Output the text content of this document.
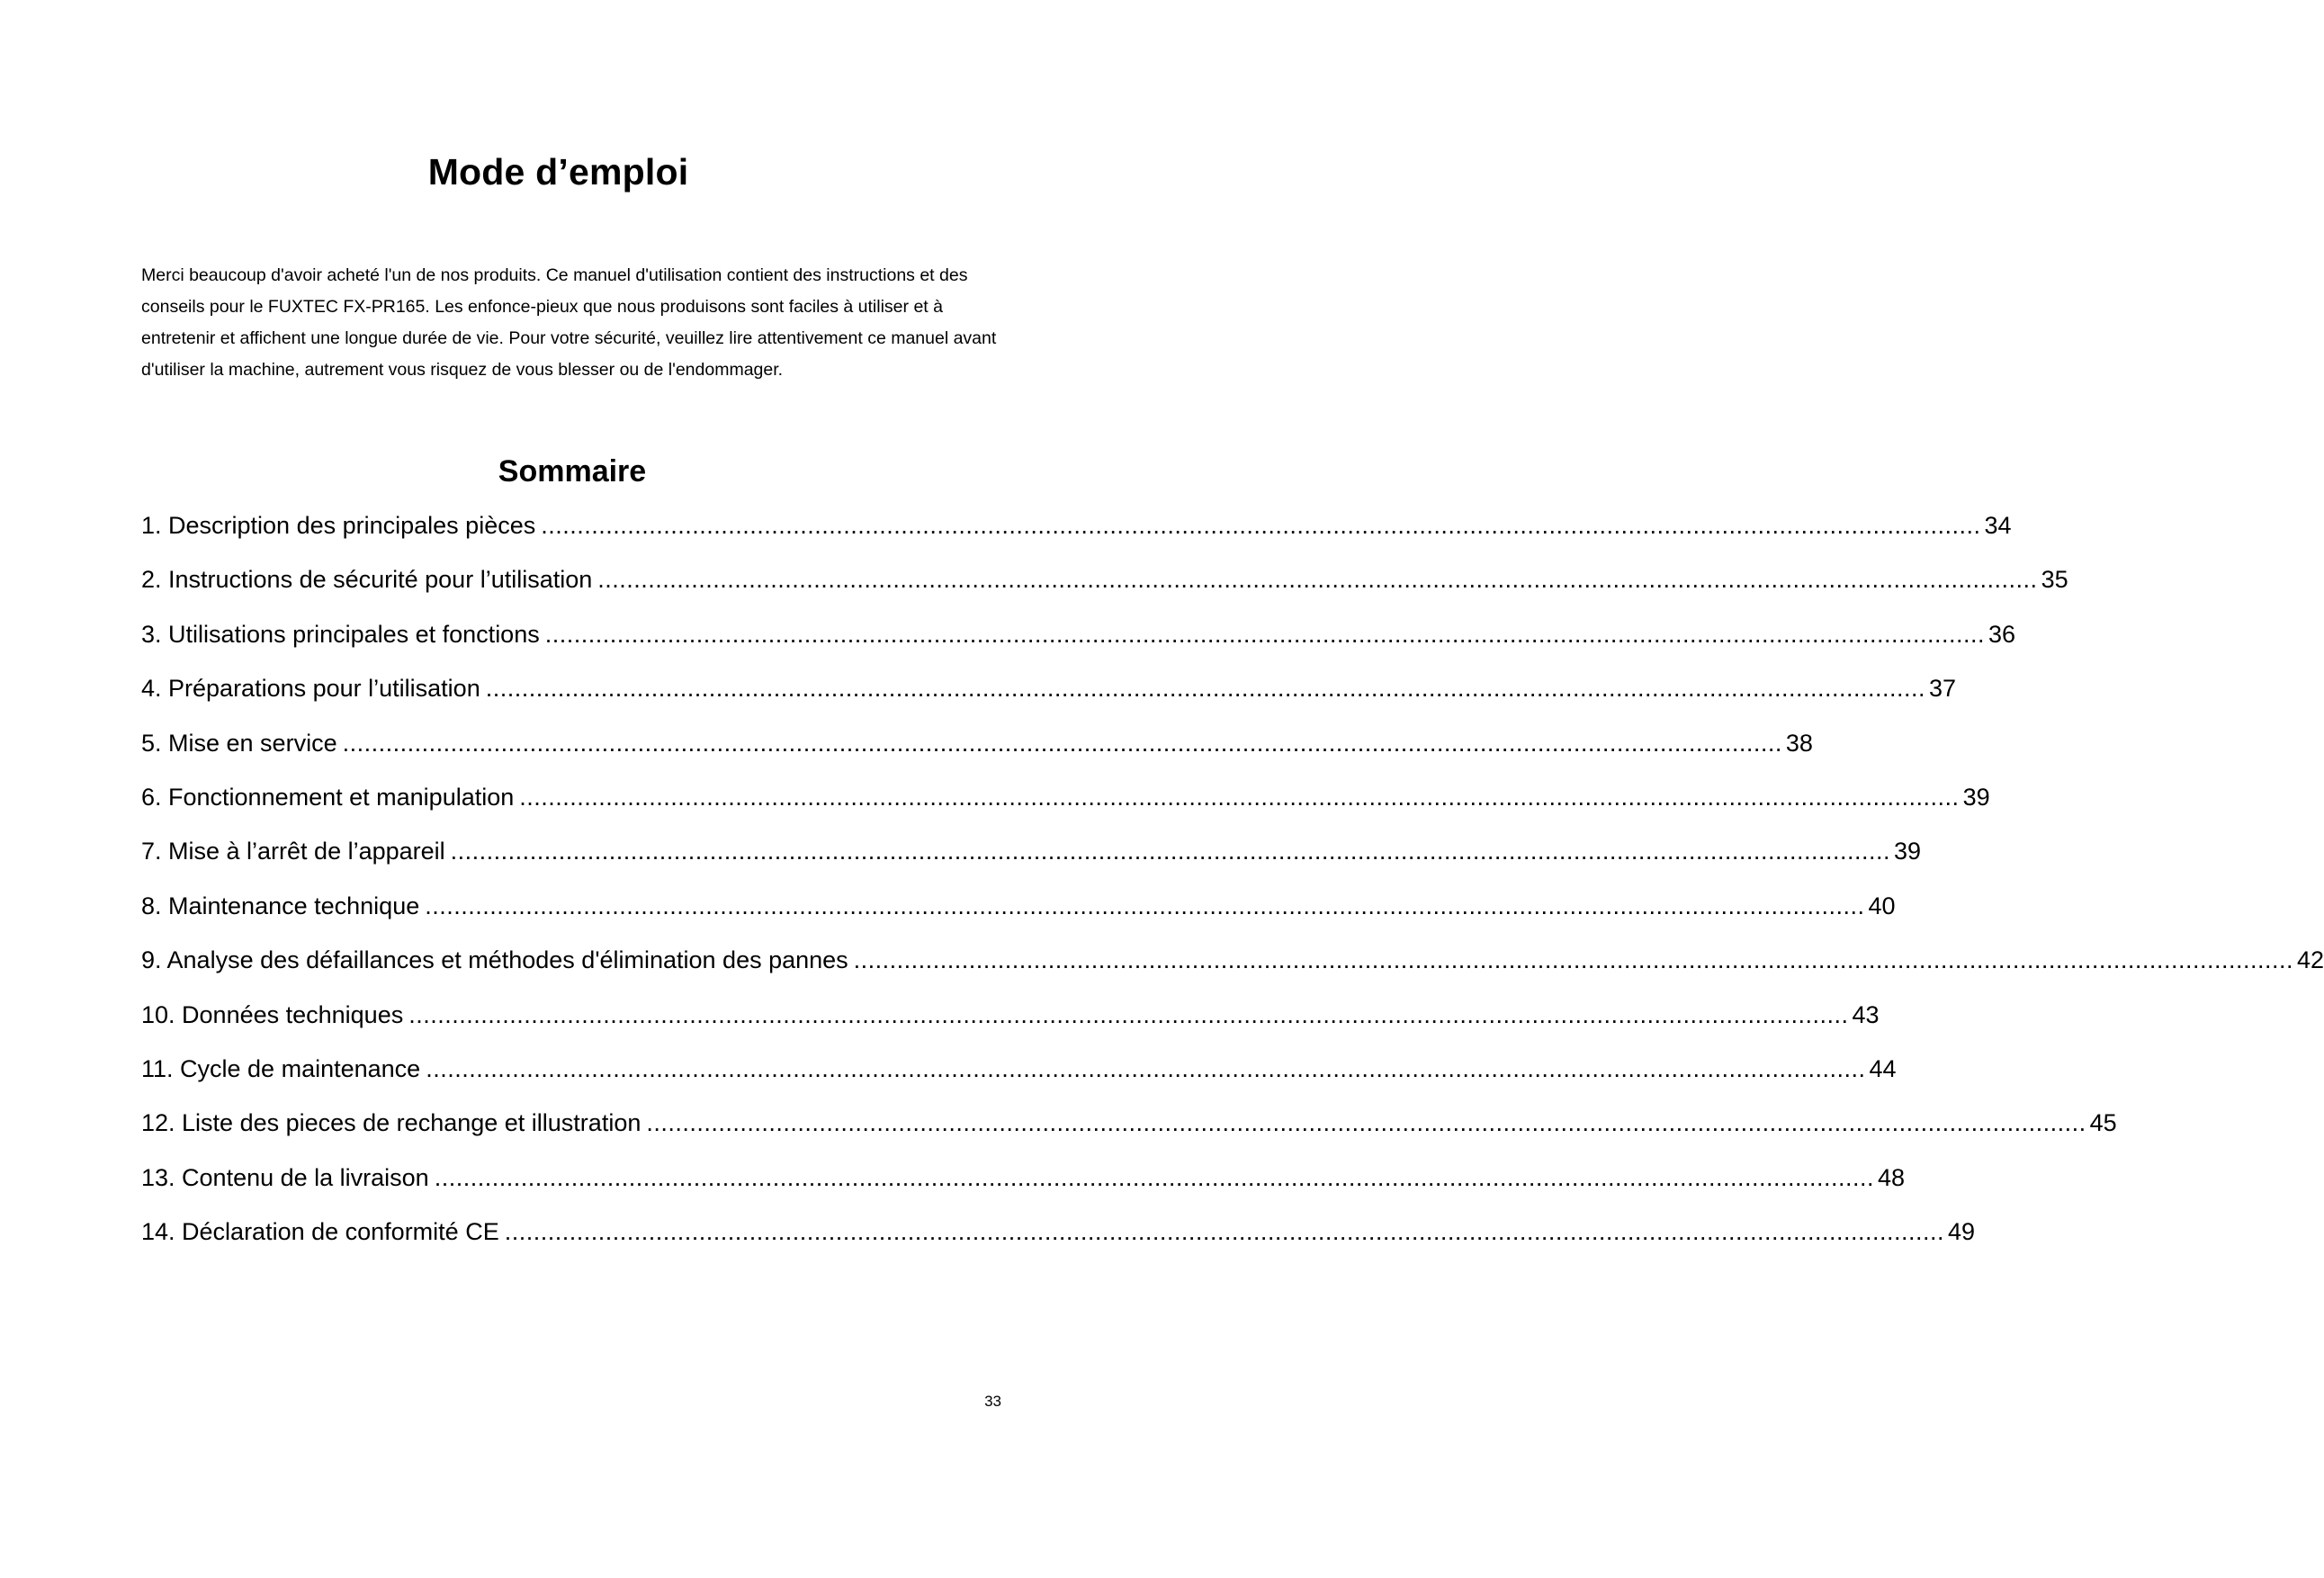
Mode d’emploi

Merci beaucoup d'avoir acheté l'un de nos produits. Ce manuel d'utilisation contient des instructions et des conseils pour le FUXTEC FX-PR165. Les enfonce-pieux que nous produisons sont faciles à utiliser et à entretenir et affichent une longue durée de vie. Pour votre sécurité, veuillez lire attentivement ce manuel avant d'utiliser la machine, autrement vous risquez de vous blesser ou de l'endommager.

Sommaire
1. Description des principales pièces ........................................................................................................................................................................................................ 34
2. Instructions de sécurité pour l’utilisation ........................................................................................................................................................................................................ 35
3. Utilisations principales et fonctions ........................................................................................................................................................................................................ 36
4. Préparations pour l’utilisation ........................................................................................................................................................................................................ 37
5. Mise en service ........................................................................................................................................................................................................ 38
6. Fonctionnement et manipulation ........................................................................................................................................................................................................ 39
7. Mise à l’arrêt de l’appareil ........................................................................................................................................................................................................ 39
8. Maintenance technique ........................................................................................................................................................................................................ 40
9. Analyse des défaillances et méthodes d'élimination des pannes ........................................................................................................................................................................................................ 42
10. Données techniques ........................................................................................................................................................................................................ 43
11. Cycle de maintenance ........................................................................................................................................................................................................ 44
12. Liste des pieces de rechange et illustration ........................................................................................................................................................................................................ 45
13. Contenu de la livraison ........................................................................................................................................................................................................ 48
14. Déclaration de conformité CE ........................................................................................................................................................................................................ 49
33
